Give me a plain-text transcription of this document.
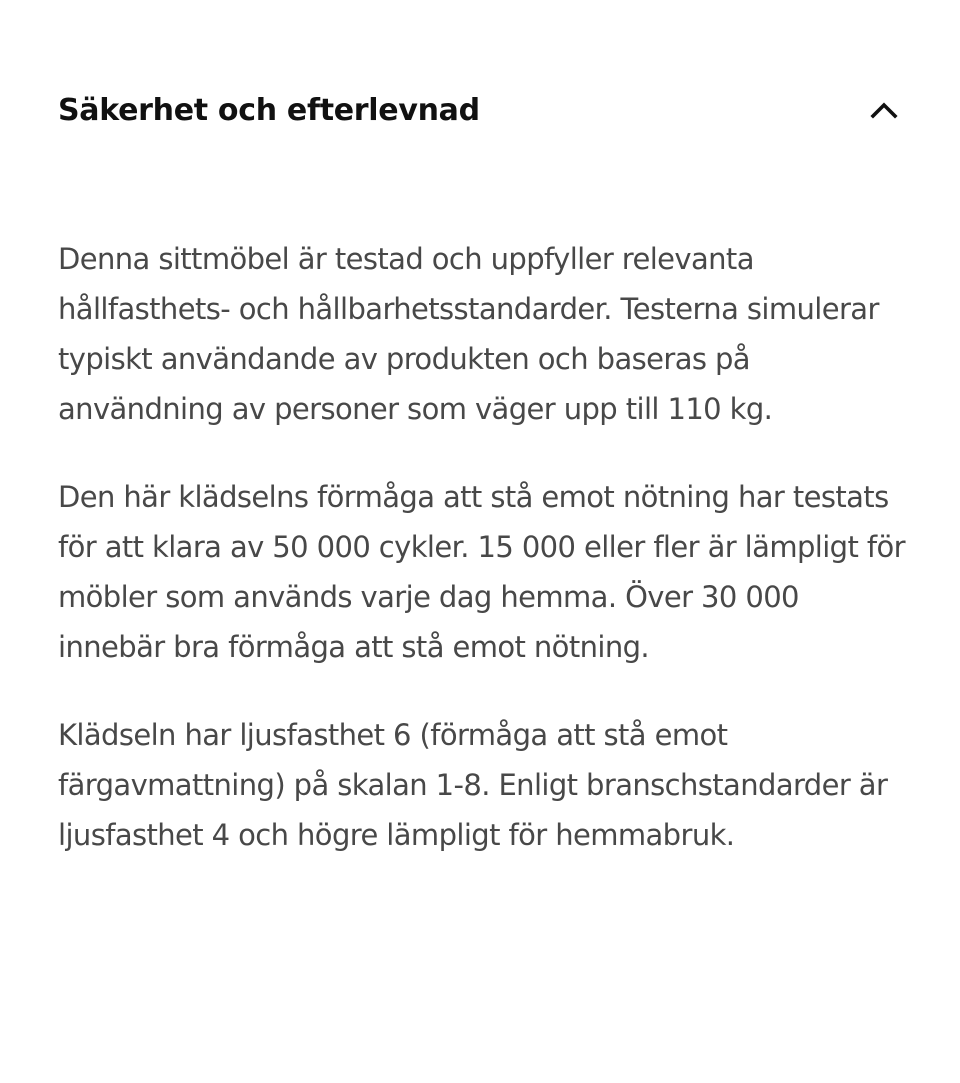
Säkerhet och efterlevnad

Denna sittmöbel är testad och uppfyller relevanta hållfasthets- och hållbarhetsstandarder. Testerna simulerar typiskt användande av produkten och baseras på användning av personer som väger upp till 110 kg.

Den här klädselns förmåga att stå emot nötning har testats för att klara av 50 000 cykler. 15 000 eller fler är lämpligt för möbler som används varje dag hemma. Över 30 000 innebär bra förmåga att stå emot nötning.

Klädseln har ljusfasthet 6 (förmåga att stå emot färgavmattning) på skalan 1-8. Enligt branschstandarder är ljusfasthet 4 och högre lämpligt för hemmabruk.
